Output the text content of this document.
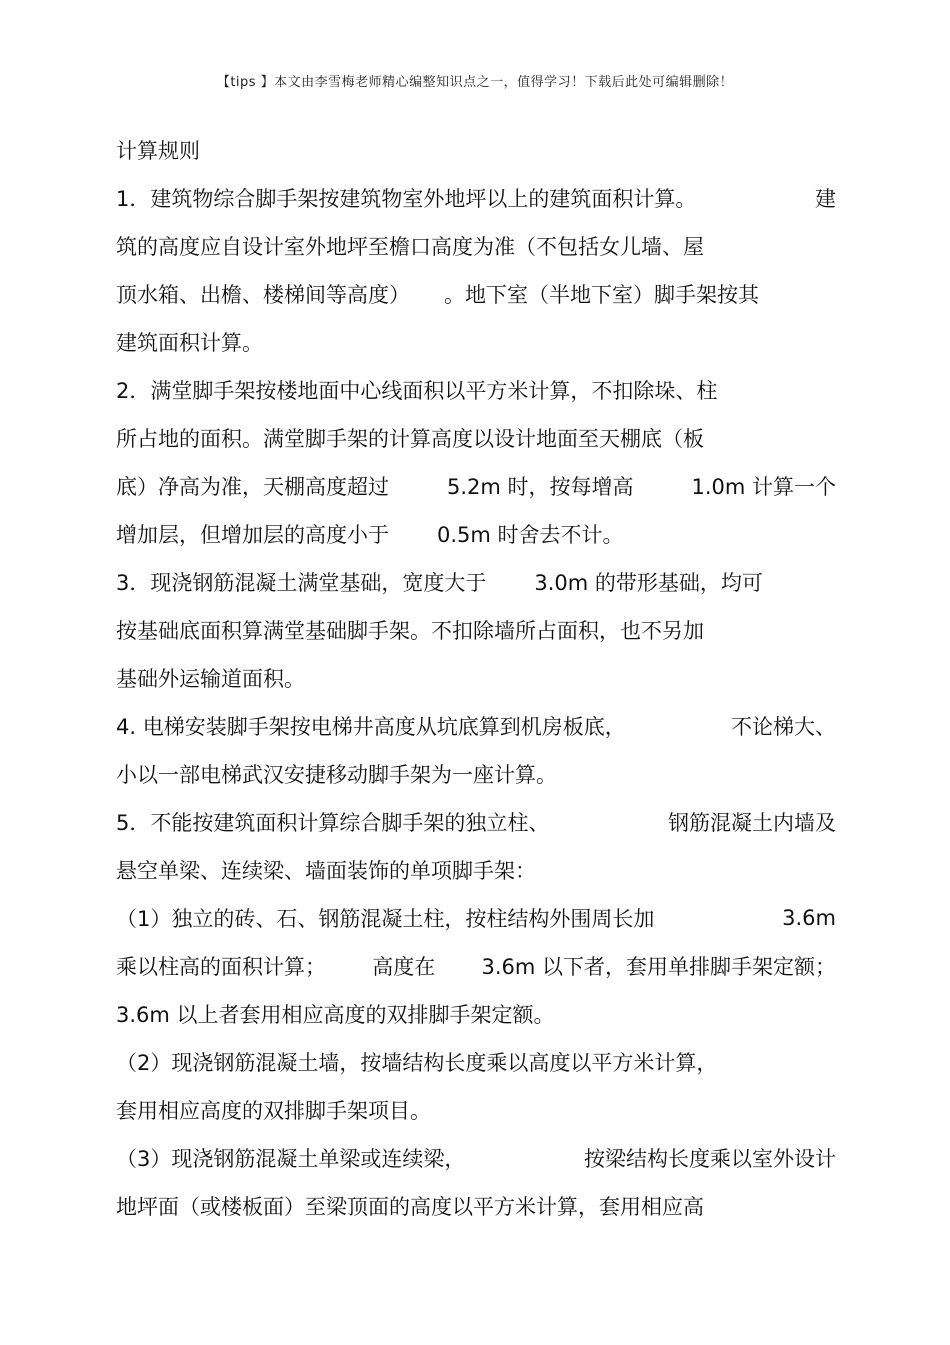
【tips 】本文由李雪梅老师精心编整知识点之一，值得学习！下载后此处可编辑删除！
计算规则
1．建筑物综合脚手架按建筑物室外地坪以上的建筑面积计算。	建
筑的高度应自设计室外地坪至檐口高度为准（不包括女儿墙、屋
顶水箱、出檐、楼梯间等高度） 。地下室（半地下室）脚手架按其
建筑面积计算。
2．满堂脚手架按楼地面中心线面积以平方米计算，不扣除垛、柱
所占地的面积。满堂脚手架的计算高度以设计地面至天棚底（板
底）净高为准，天棚高度超过	5.2m 时，按每增高	1.0m 计算一个
增加层，但增加层的高度小于 0.5m 时舍去不计。
3．现浇钢筋混凝土满堂基础，宽度大于 3.0m 的带形基础，均可
按基础底面积算满堂基础脚手架。不扣除墙所占面积，也不另加
基础外运输道面积。
4. 电梯安装脚手架按电梯井高度从坑底算到机房板底，	不论梯大、
小以一部电梯武汉安捷移动脚手架为一座计算。
5．不能按建筑面积计算综合脚手架的独立柱、	钢筋混凝土内墙及
悬空单梁、连续梁、墙面装饰的单项脚手架：
（1）独立的砖、石、钢筋混凝土柱，按柱结构外围周长加	3.6m
乘以柱高的面积计算； 高度在 3.6m 以下者，套用单排脚手架定额；
3.6m 以上者套用相应高度的双排脚手架定额。
（2）现浇钢筋混凝土墙，按墙结构长度乘以高度以平方米计算，
套用相应高度的双排脚手架项目。
（3）现浇钢筋混凝土单梁或连续梁，	按梁结构长度乘以室外设计
地坪面（或楼板面）至梁顶面的高度以平方米计算，套用相应高
